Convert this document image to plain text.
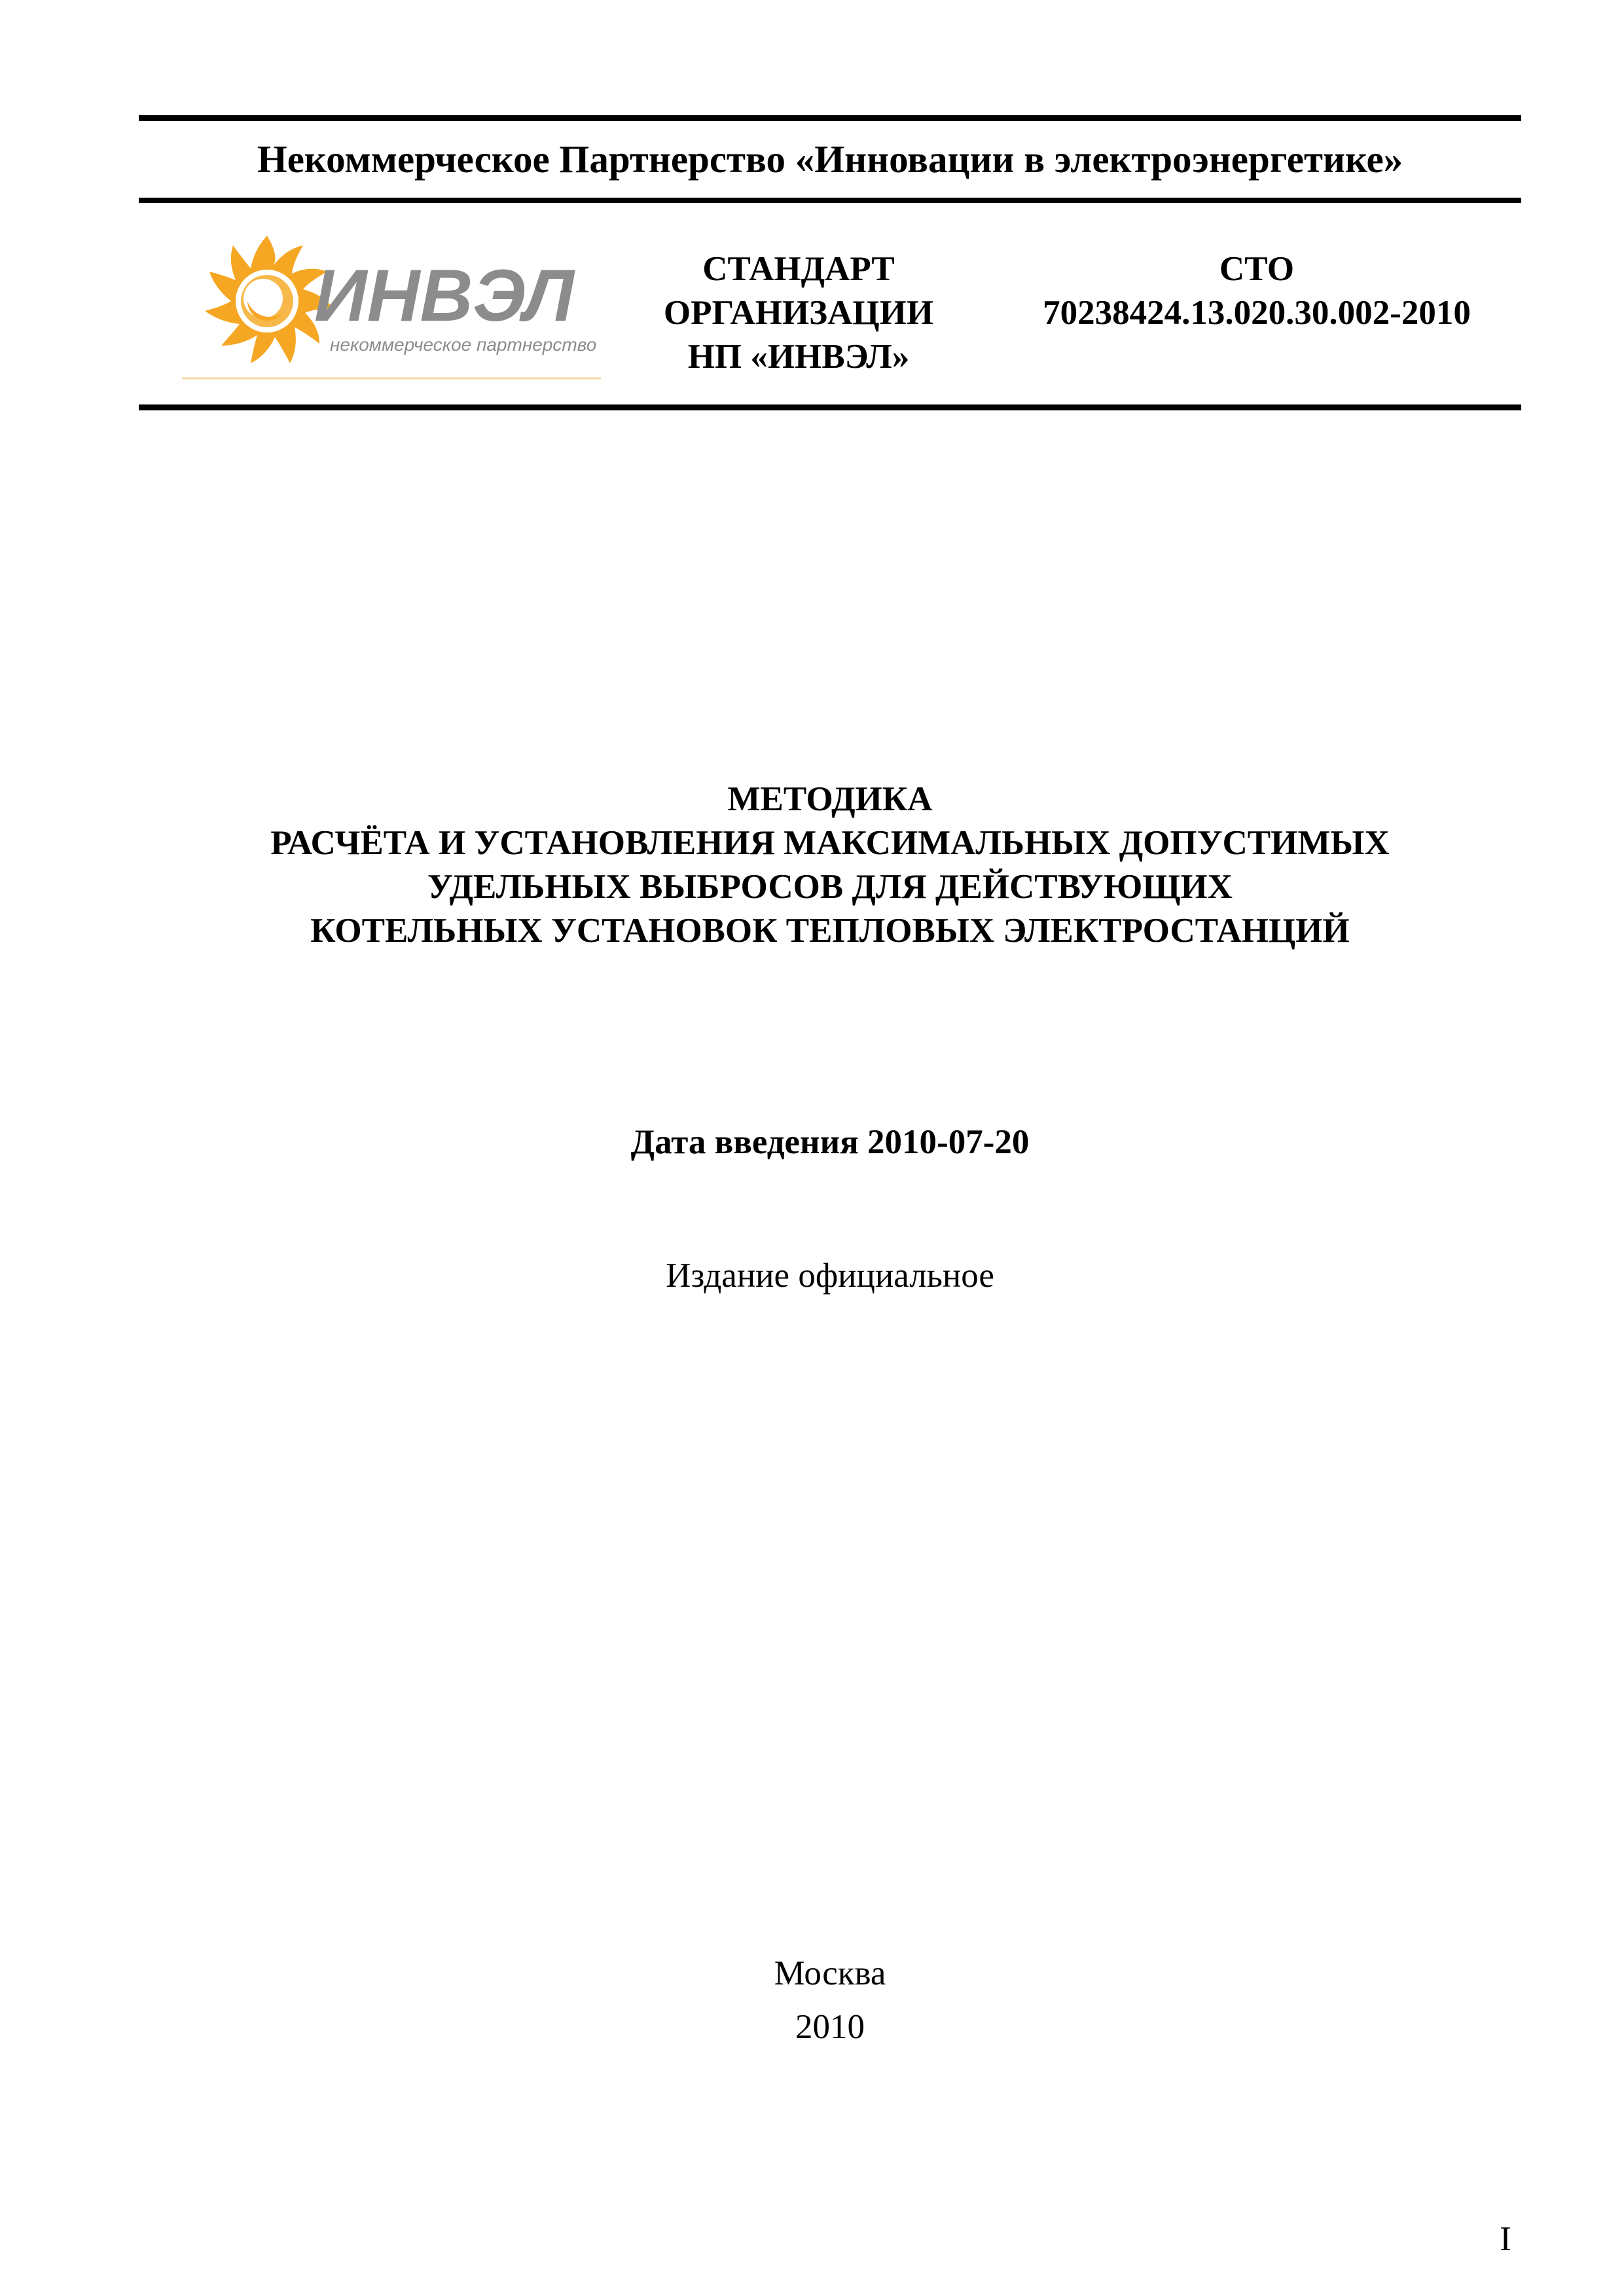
Некоммерческое Партнерство «Инновации в электроэнергетике»
ИНВЭЛ
некоммерческое партнерство
СТАНДАРТ
ОРГАНИЗАЦИИ
НП «ИНВЭЛ»
СТО
70238424.13.020.30.002-2010
МЕТОДИКА
РАСЧЁТА И УСТАНОВЛЕНИЯ МАКСИМАЛЬНЫХ ДОПУСТИМЫХ
УДЕЛЬНЫХ ВЫБРОСОВ ДЛЯ ДЕЙСТВУЮЩИХ
КОТЕЛЬНЫХ УСТАНОВОК ТЕПЛОВЫХ ЭЛЕКТРОСТАНЦИЙ
Дата введения 2010-07-20
Издание официальное
Москва
2010
I
